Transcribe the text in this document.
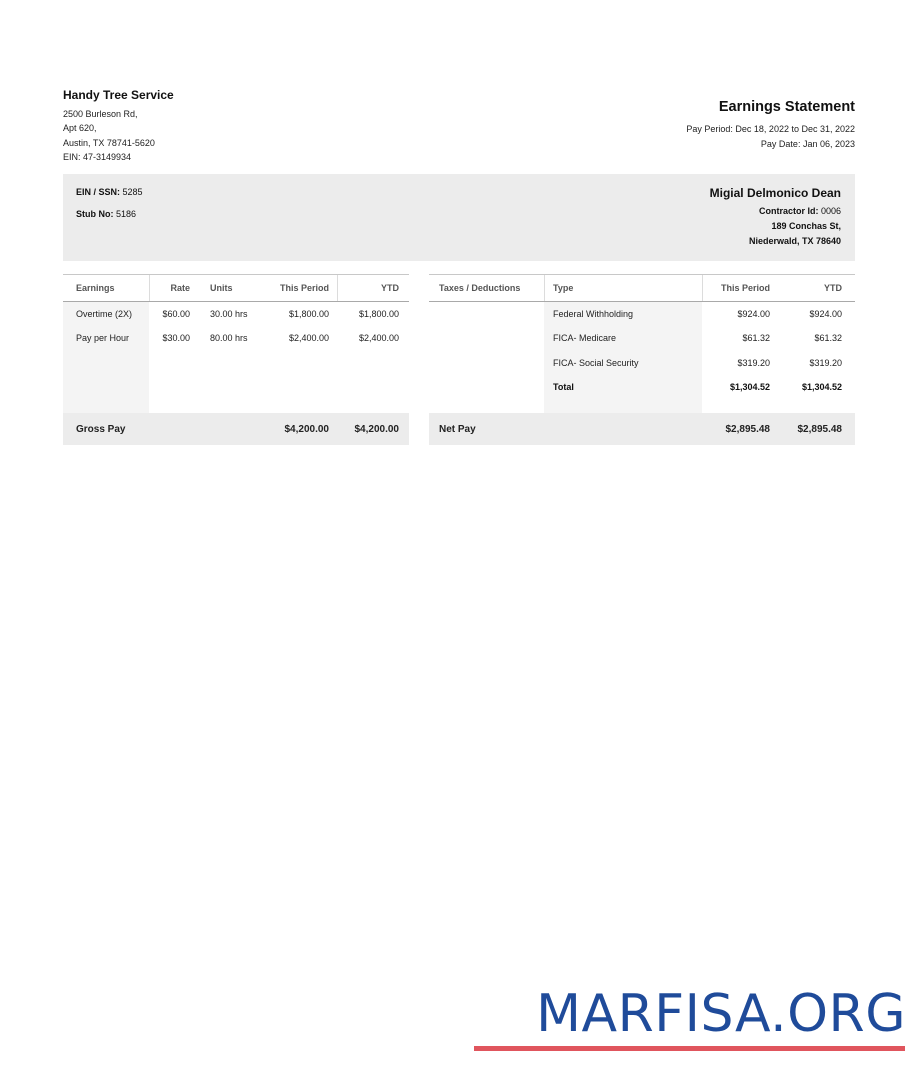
Handy Tree Service
2500 Burleson Rd,
Apt 620,
Austin, TX 78741-5620
EIN: 47-3149934
Earnings Statement
Pay Period: Dec 18, 2022 to Dec 31, 2022
Pay Date: Jan 06, 2023
EIN / SSN: 5285
Stub No: 5186
Migial Delmonico Dean
Contractor Id: 0006
189 Conchas St,
Niederwald, TX 78640
Earnings	Rate Units	This Period	YTD
Overtime (2X)	$60.00 30.00 hrs	$1,800.00	$1,800.00
Pay per Hour	$30.00 80.00 hrs	$2,400.00	$2,400.00
Gross Pay	$4,200.00	$4,200.00
Taxes / Deductions	Type	This Period	YTD
Federal Withholding	$924.00	$924.00
FICA- Medicare	$61.32	$61.32
FICA- Social Security	$319.20	$319.20
Total	$1,304.52	$1,304.52
Net Pay	$2,895.48	$2,895.48
MARFISA.ORG
